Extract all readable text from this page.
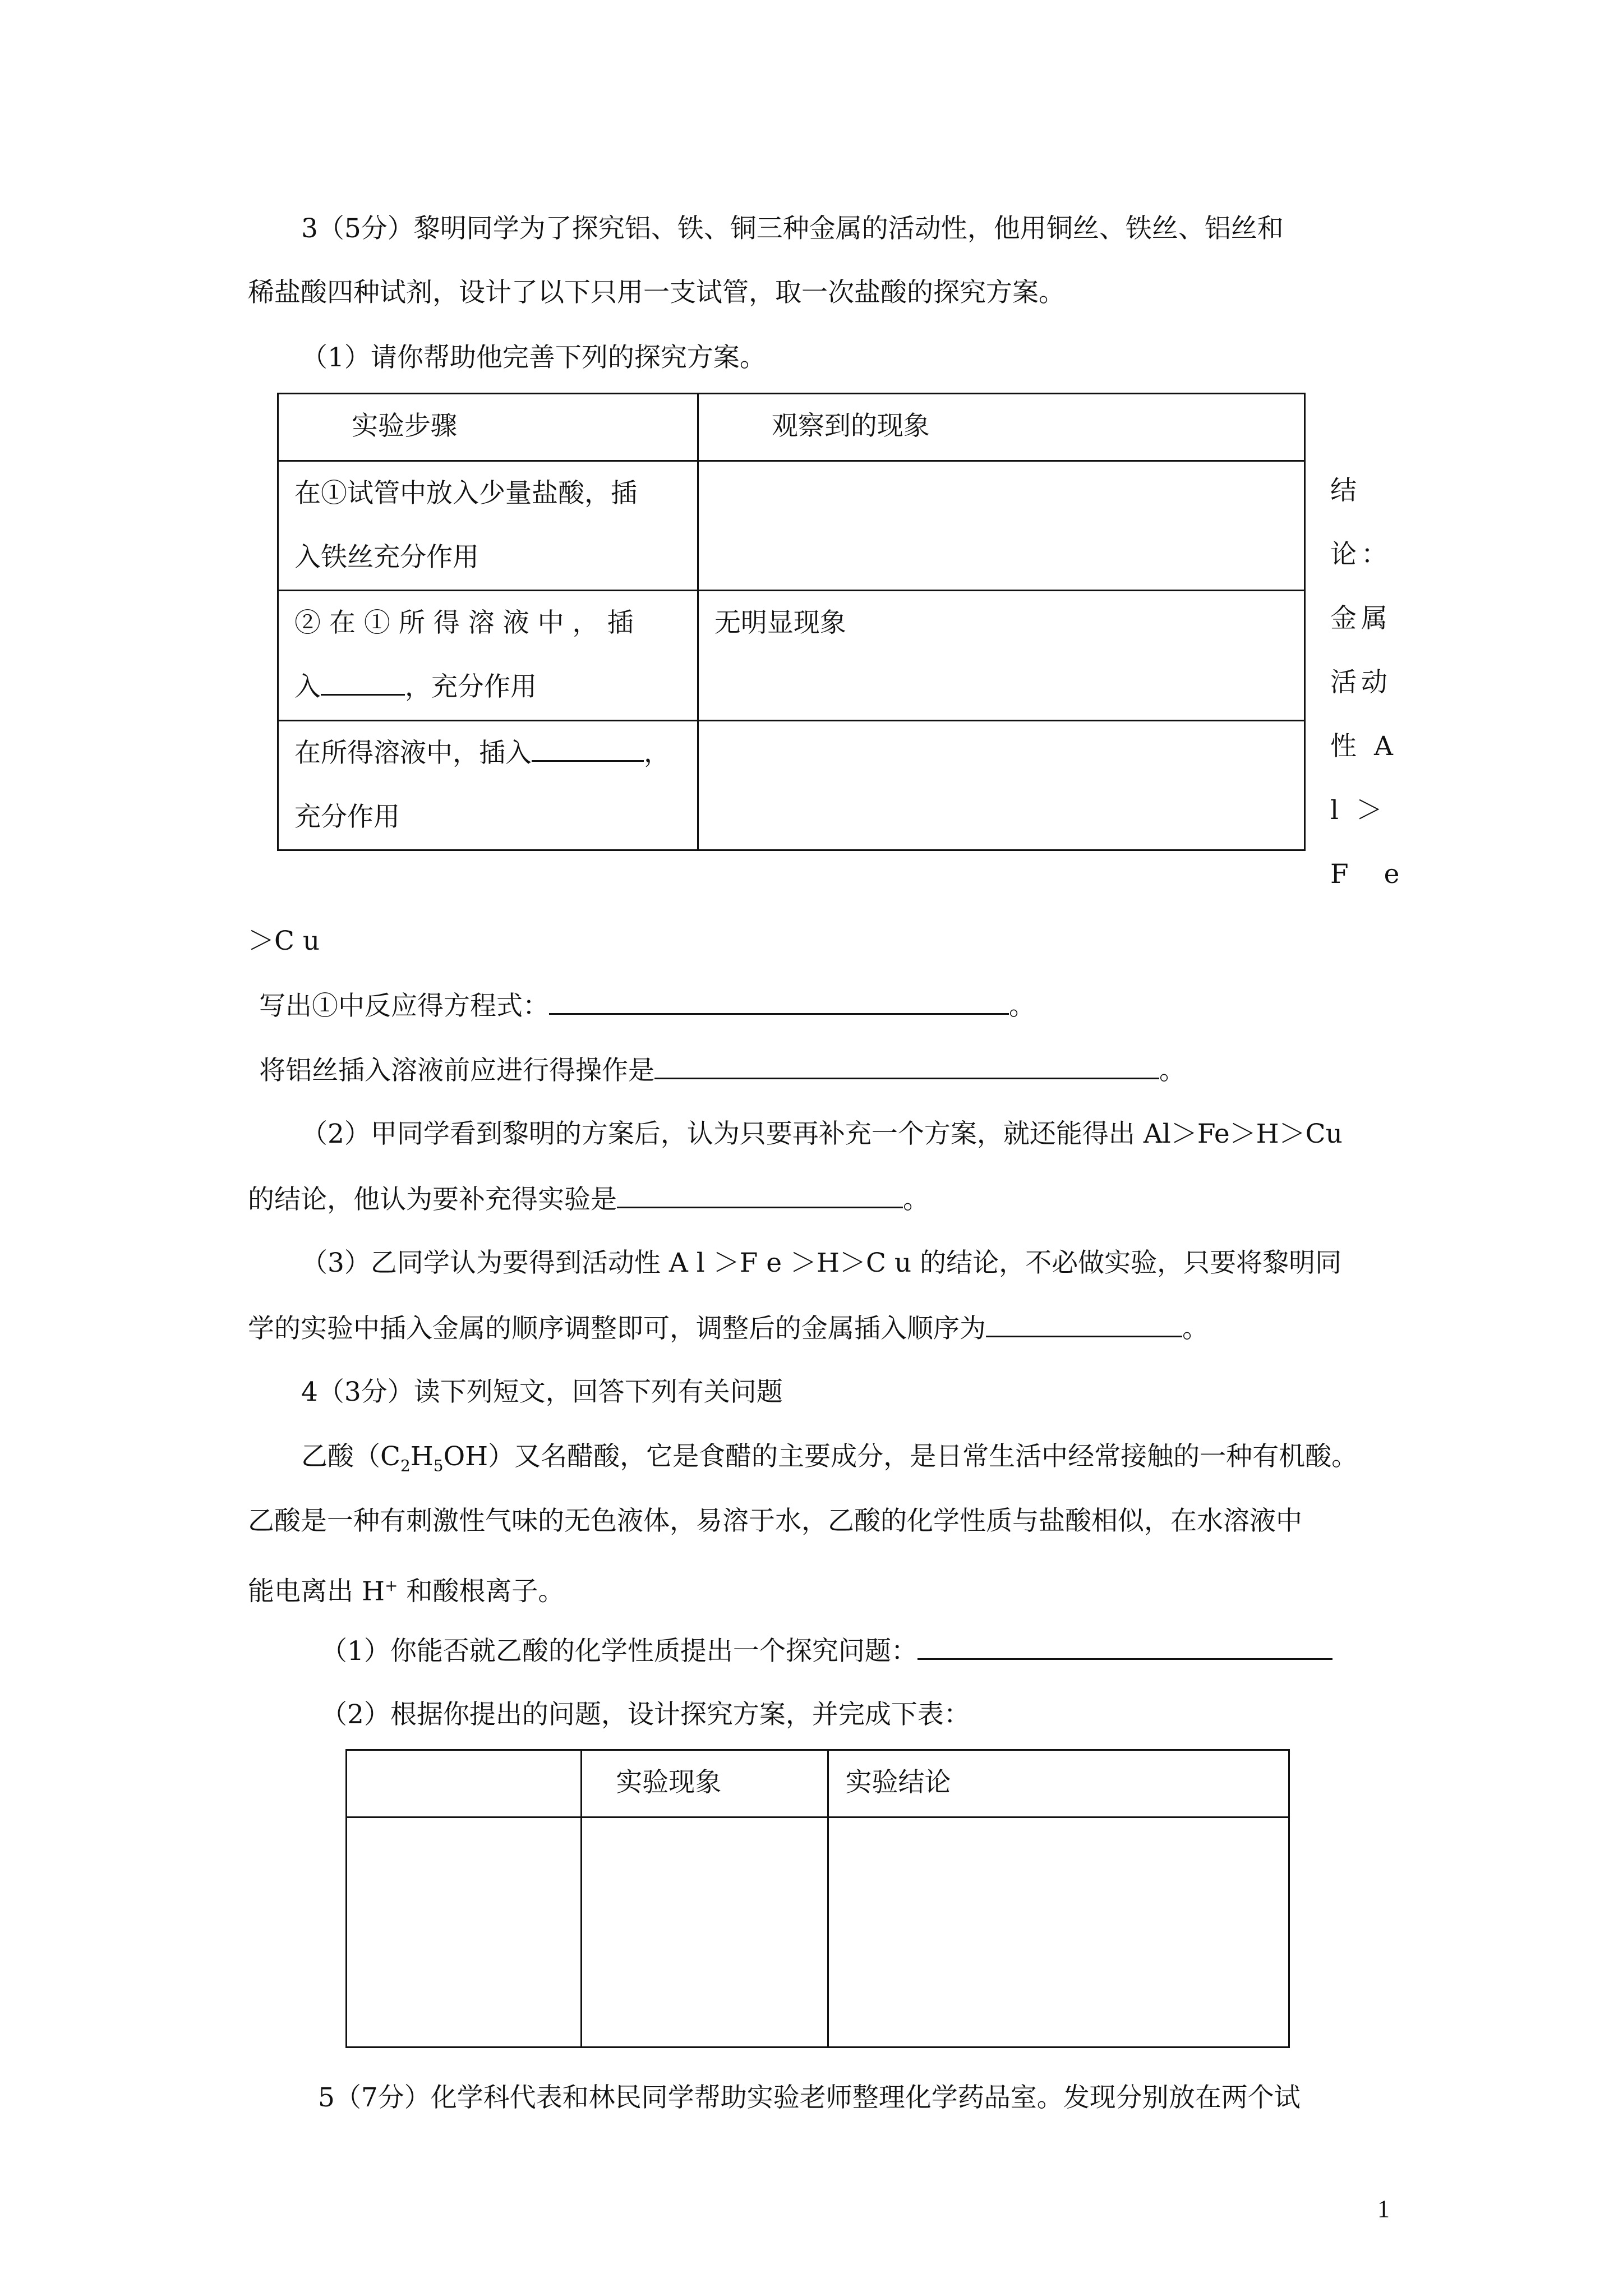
3（5分）黎明同学为了探究铝、铁、铜三种金属的活动性，他用铜丝、铁丝、铝丝和
稀盐酸四种试剂，设计了以下只用一支试管，取一次盐酸的探究方案。
（1）请你帮助他完善下列的探究方案。
实验步骤	观察到的现象

在①试管中放入少量盐酸，插
入铁丝充分作用	

② 在 ① 所 得 溶 液 中 ， 插
入 ，充分作用	无明显现象

在所得溶液中，插入 ，
充分作用	

结
论：
金属
活动
性 A
l ＞
F　e
＞C u
写出①中反应得方程式：	。
将铝丝插入溶液前应进行得操作是	。
（2）甲同学看到黎明的方案后，认为只要再补充一个方案，就还能得出 Al＞Fe＞H＞Cu
的结论，他认为要补充得实验是	。
（3）乙同学认为要得到活动性 A l ＞F e ＞H＞C u 的结论，不必做实验，只要将黎明同
学的实验中插入金属的顺序调整即可，调整后的金属插入顺序为	。
4（3分）读下列短文，回答下列有关问题
乙酸$(C_2H_5OH)$又名醋酸，它是食醋的主要成分，是日常生活中经常接触的一种有机酸。
乙酸是一种有刺激性气味的无色液体，易溶于水，乙酸的化学性质与盐酸相似，在水溶液中
能电离出 H+ 和酸根离子。
（1）你能否就乙酸的化学性质提出一个探究问题：
（2）根据你提出的问题，设计探究方案，并完成下表：
	实验现象	实验结论

5（7分）化学科代表和林民同学帮助实验老师整理化学药品室。发现分别放在两个试
1
